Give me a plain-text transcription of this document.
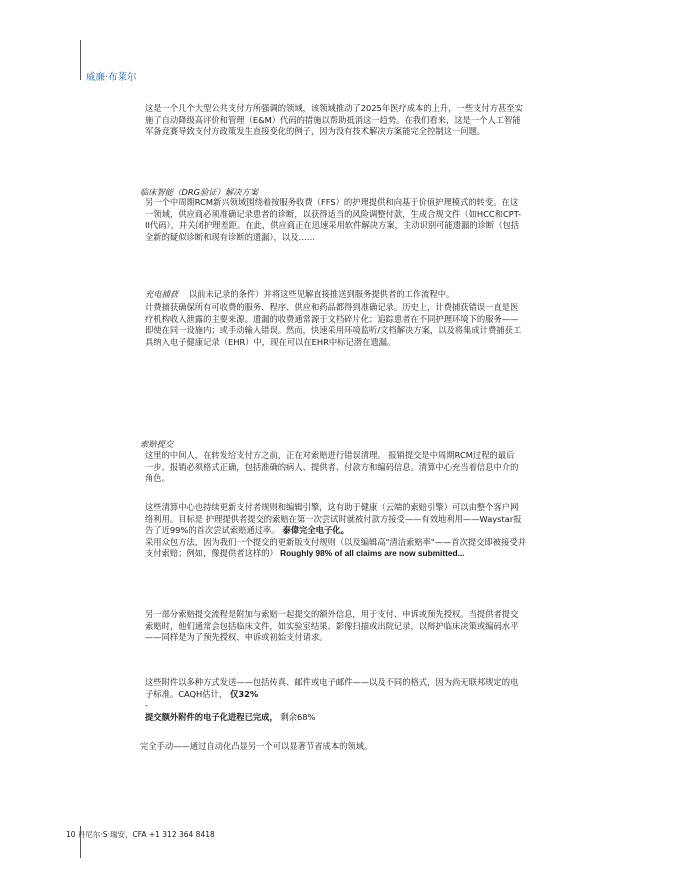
威廉·布莱尔
这是一个几个大型公共支付方所强调的领域，该领域推动了2025年医疗成本的上升，一些支付方甚至实
施了自动降级高评价和管理（E&M）代码的措施以帮助抵消这一趋势。在我们看来，这是一个人工智能
军备竞赛导致支付方政策发生直接变化的例子，因为没有技术解决方案能完全控制这一问题。
临床智能（DRG验证）解决方案
另一个中周期RCM新兴领域围绕着按服务收费（FFS）的护理提供和向基于价值护理模式的转变。在这
一领域，供应商必须准确记录患者的诊断，以获得适当的风险调整付款，生成合规文件（如HCC和CPT-
II代码），并关闭护理差距。在此，供应商正在迅速采用软件解决方案，主动识别可能遗漏的诊断（包括
全新的疑似诊断和现有诊断的遗漏），以及……
充电捕获 以前未记录的条件）并将这些见解直接推送到服务提供者的工作流程中。
计费捕获确保所有可收费的服务、程序、供应和药品都得到准确记录。历史上，计费捕获错误一直是医
疗机构收入泄露的主要来源。遗漏的收费通常源于文档碎片化；追踪患者在不同护理环境下的服务——
即使在同一设施内；或手动输入错误。然而，快速采用环境监听/文档解决方案，以及将集成计费捕获工
具纳入电子健康记录（EHR）中，现在可以在EHR中标记潜在遗漏。
索赔提交
这里的中间人，在转发给支付方之前，正在对索赔进行错误清理。 报销提交是中周期RCM过程的最后
一步。报销必须格式正确，包括准确的病人、提供者、付款方和编码信息。清算中心充当着信息中介的
角色。
这些清算中心也持续更新支付者规则和编辑引擎，这有助于健康（云端的索赔引擎）可以由整个客户网
络利用。目标是 护理提供者提交的索赔在第一次尝试时就被付款方接受——有效地利用——Waystar报
告了近99%的首次尝试索赔通过率。 泰偉完全电子化。
采用众包方法，因为我们一个提交的更新版支付规则（以及编辑高"清洁索赔率"——首次提交即被接受并
支付索赔；例如，像提供者这样的） Roughly 98% of all claims are now submitted...
另一部分索赔提交流程是附加与索赔一起提交的额外信息，用于支付、申诉或预先授权。当提供者提交
索赔时，他们通常会包括临床文件，如实验室结果、影像扫描或出院记录，以辩护临床决策或编码水平
——同样是为了预先授权、申诉或初始支付请求。
这些附件以多种方式发送——包括传真、邮件或电子邮件——以及不同的格式，因为尚无联邦规定的电
子标准。CAQH估计， 仅32%
-
提交额外附件的电子化进程已完成， 剩余68%
完全手动——通过自动化凸显另一个可以显著节省成本的领域。
10 丹尼尔·S·瑞安，CFA +1 312 364 8418
